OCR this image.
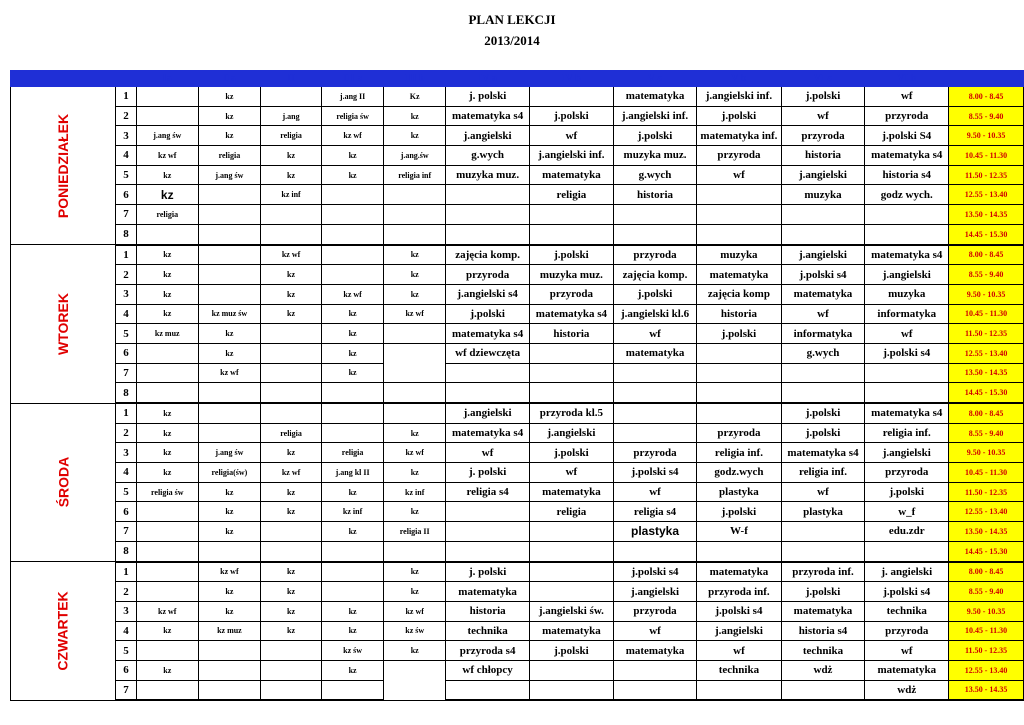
PLAN LEKCJI
2013/2014
		Ia	IIa	II	III a	III b	IV a	IV b	V a	V b	VI a	VI b	
PONIEDZIAŁEK	1		kz		j.ang II	Kz	j. polski		matematyka	j.angielski inf.	j.polski	wf	8.00 - 8.45
	2		kz	j.ang	religia św	kz	matematyka s4	j.polski	j.angielski inf.	j.polski	wf	przyroda	8.55 - 9.40
	3	j.ang św	kz	religia	kz wf	kz	j.angielski	wf	j.polski	matematyka inf.	przyroda	j.polski S4	9.50 - 10.35
	4	kz wf	religia	kz	kz	j.ang.św	g.wych	j.angielski inf.	muzyka muz.	przyroda	historia	matematyka s4	10.45 - 11.30
	5	kz	j.ang św	kz	kz	religia inf	muzyka muz.	matematyka	g.wych	wf	j.angielski	historia s4	11.50 - 12.35
	6	kz		kz inf				religia	historia		muzyka	godz wych.	12.55 - 13.40
	7	religia											13.50 - 14.35
	8												14.45 - 15.30
WTOREK	1	kz		kz wf		kz	zajęcia komp.	j.polski	przyroda	muzyka	j.angielski	matematyka s4	8.00 - 8.45
	2	kz		kz		kz	przyroda	muzyka muz.	zajęcia komp.	matematyka	j.polski s4	j.angielski	8.55 - 9.40
	3	kz		kz	kz wf	kz	j.angielski s4	przyroda	j.polski	zajęcia komp	matematyka	muzyka	9.50 - 10.35
	4	kz	kz muz św	kz	kz	kz wf	j.polski	matematyka s4	j.angielski kl.6	historia	wf	informatyka	10.45 - 11.30
	5	kz muz	kz		kz		matematyka s4	historia	wf	j.polski	informatyka	wf	11.50 - 12.35
	6		kz		kz		wf dziewczęta		matematyka		g.wych	j.polski s4	12.55 - 13.40
	7		kz wf		kz								13.50 - 14.35
	8												14.45 - 15.30
ŚRODA	1	kz					j.angielski	przyroda kl.5			j.polski	matematyka s4	8.00 - 8.45
	2	kz		religia		kz	matematyka s4	j.angielski		przyroda	j.polski	religia inf.	8.55 - 9.40
	3	kz	j.ang św	kz	religia	kz wf	wf	j.polski	przyroda	religia inf.	matematyka s4	j.angielski	9.50 - 10.35
	4	kz	religia(św)	kz wf	j.ang kl II	kz	j. polski	wf	j.polski s4	godz.wych	religia inf.	przyroda	10.45 - 11.30
	5	religia św	kz	kz	kz	kz inf	religia s4	matematyka	wf	plastyka	wf	j.polski	11.50 - 12.35
	6		kz	kz	kz inf	kz		religia	religia s4	j.polski	plastyka	w_f	12.55 - 13.40
	7		kz		kz	religia II			plastyka	W-f		edu.zdr	13.50 - 14.35
	8												14.45 - 15.30
CZWARTEK	1		kz wf	kz		kz	j. polski		j.polski s4	matematyka	przyroda inf.	j. angielski	8.00 - 8.45
	2		kz	kz		kz	matematyka		j.angielski	przyroda inf.	j.polski	j.polski s4	8.55 - 9.40
	3	kz wf	kz	kz	kz	kz wf	historia	j.angielski św.	przyroda	j.polski s4	matematyka	technika	9.50 - 10.35
	4	kz	kz muz	kz	kz	kz św	technika	matematyka	wf	j.angielski	historia s4	przyroda	10.45 - 11.30
	5				kz św	kz	przyroda s4	j.polski	matematyka	wf	technika	wf	11.50 - 12.35
	6	kz			kz		wf chłopcy			technika	wdż	matematyka	12.55 - 13.40
	7											wdż	13.50 - 14.35
